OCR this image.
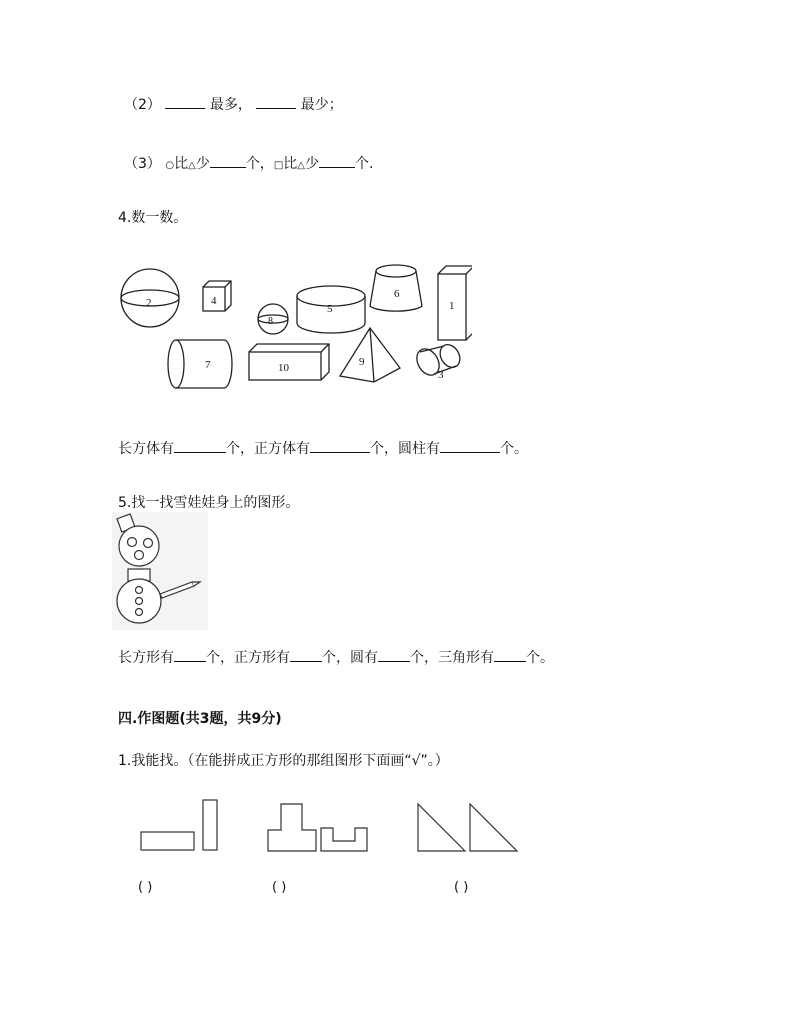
（2）	最多，	最少；
（3） ○比△少	个，□比△少	个.
4.数一数。
2	4
8
5
6
1
7	10	9
3
长方体有	个，正方体有	个，圆柱有	个。
5.找一找雪娃娃身上的图形。
长方形有 个，正方形有 个，圆有 个，三角形有 个。
四.作图题(共3题，共9分)
1.我能找。（在能拼成正方形的那组图形下面画“√”。）
( )	( )	( )
